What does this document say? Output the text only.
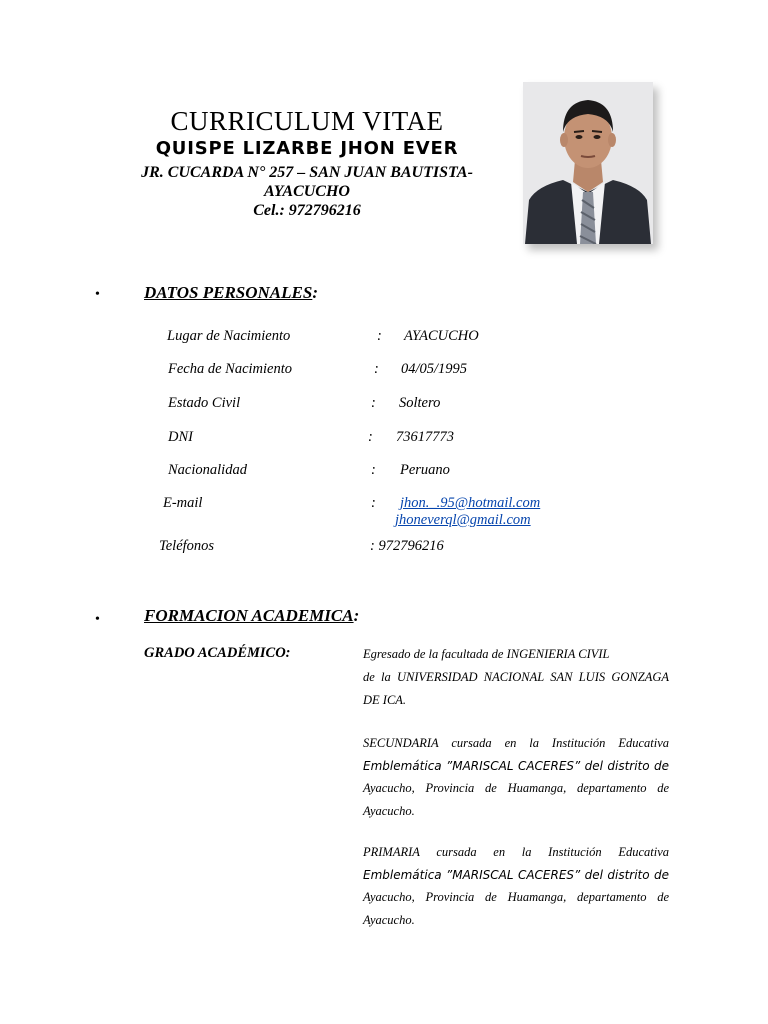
CURRICULUM VITAE
QUISPE LIZARBE JHON EVER
JR. CUCARDA N° 257 – SAN JUAN BAUTISTA-
AYACUCHO
Cel.: 972796216
•	DATOS PERSONALES:
Lugar de Nacimiento	: AYACUCHO
Fecha de Nacimiento	: 04/05/1995
Estado Civil	: Soltero
DNI	: 73617773
Nacionalidad	: Peruano
E-mail	: jhon._.95@hotmail.com
jhoneverql@gmail.com
Teléfonos	: 972796216
•	FORMACION ACADEMICA:
GRADO ACADÉMICO:	Egresado de la facultada de INGENIERIA CIVIL
de la UNIVERSIDAD NACIONAL SAN LUIS GONZAGA DE ICA.
SECUNDARIA cursada en la Institución Educativa Emblemática ”MARISCAL CACERES” del distrito de Ayacucho, Provincia de Huamanga, departamento de Ayacucho.
PRIMARIA cursada en la Institución Educativa Emblemática ”MARISCAL CACERES” del distrito de Ayacucho, Provincia de Huamanga, departamento de Ayacucho.
